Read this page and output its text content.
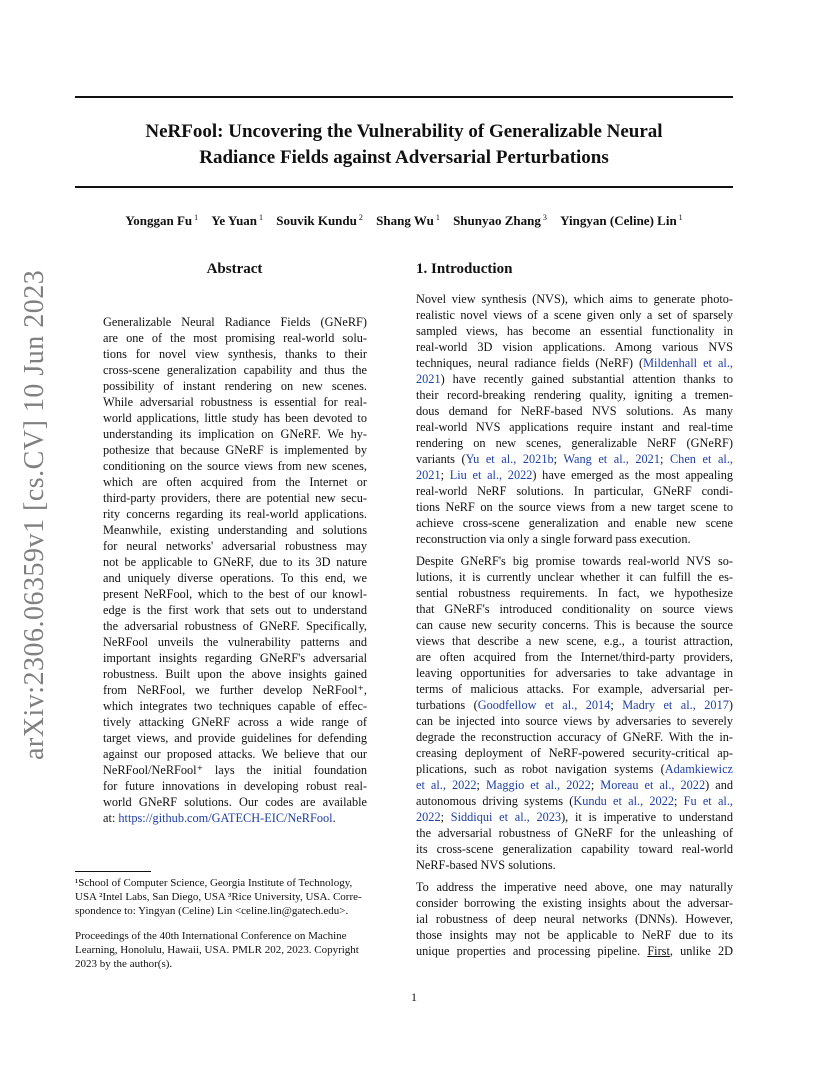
NeRFool: Uncovering the Vulnerability of Generalizable Neural
Radiance Fields against Adversarial Perturbations
Yonggan Fu $^1$ Ye Yuan $^1$ Souvik Kundu $^2$ Shang Wu $^1$ Shunyao Zhang $^3$ Yingyan (Celine) Lin $^1$
arXiv:2306.06359v1 [cs.CV] 10 Jun 2023
Abstract
Generalizable Neural Radiance Fields (GNeRF)
are one of the most promising real-world solu-
tions for novel view synthesis, thanks to their
cross-scene generalization capability and thus the
possibility of instant rendering on new scenes.
While adversarial robustness is essential for real-
world applications, little study has been devoted to
understanding its implication on GNeRF. We hy-
pothesize that because GNeRF is implemented by
conditioning on the source views from new scenes,
which are often acquired from the Internet or
third-party providers, there are potential new secu-
rity concerns regarding its real-world applications.
Meanwhile, existing understanding and solutions
for neural networks' adversarial robustness may
not be applicable to GNeRF, due to its 3D nature
and uniquely diverse operations. To this end, we
present NeRFool, which to the best of our knowl-
edge is the first work that sets out to understand
the adversarial robustness of GNeRF. Specifically,
NeRFool unveils the vulnerability patterns and
important insights regarding GNeRF's adversarial
robustness. Built upon the above insights gained
from NeRFool, we further develop NeRFool⁺,
which integrates two techniques capable of effec-
tively attacking GNeRF across a wide range of
target views, and provide guidelines for defending
against our proposed attacks. We believe that our
NeRFool/NeRFool⁺ lays the initial foundation
for future innovations in developing robust real-
world GNeRF solutions. Our codes are available
at: https://github.com/GATECH-EIC/NeRFool.
¹School of Computer Science, Georgia Institute of Technology,
USA ²Intel Labs, San Diego, USA ³Rice University, USA. Corre-
spondence to: Yingyan (Celine) Lin <celine.lin@gatech.edu>.
Proceedings of the 40th International Conference on Machine
Learning, Honolulu, Hawaii, USA. PMLR 202, 2023. Copyright
2023 by the author(s).
1. Introduction

Novel view synthesis (NVS), which aims to generate photo-
realistic novel views of a scene given only a set of sparsely
sampled views, has become an essential functionality in
real-world 3D vision applications. Among various NVS
techniques, neural radiance fields (NeRF) (Mildenhall et al.,
2021) have recently gained substantial attention thanks to
their record-breaking rendering quality, igniting a tremen-
dous demand for NeRF-based NVS solutions. As many
real-world NVS applications require instant and real-time
rendering on new scenes, generalizable NeRF (GNeRF)
variants (Yu et al., 2021b; Wang et al., 2021; Chen et al.,
2021; Liu et al., 2022) have emerged as the most appealing
real-world NeRF solutions. In particular, GNeRF condi-
tions NeRF on the source views from a new target scene to
achieve cross-scene generalization and enable new scene
reconstruction via only a single forward pass execution.

Despite GNeRF's big promise towards real-world NVS so-
lutions, it is currently unclear whether it can fulfill the es-
sential robustness requirements. In fact, we hypothesize
that GNeRF's introduced conditionality on source views
can cause new security concerns. This is because the source
views that describe a new scene, e.g., a tourist attraction,
are often acquired from the Internet/third-party providers,
leaving opportunities for adversaries to take advantage in
terms of malicious attacks. For example, adversarial per-
turbations (Goodfellow et al., 2014; Madry et al., 2017)
can be injected into source views by adversaries to severely
degrade the reconstruction accuracy of GNeRF. With the in-
creasing deployment of NeRF-powered security-critical ap-
plications, such as robot navigation systems (Adamkiewicz
et al., 2022; Maggio et al., 2022; Moreau et al., 2022) and
autonomous driving systems (Kundu et al., 2022; Fu et al.,
2022; Siddiqui et al., 2023), it is imperative to understand
the adversarial robustness of GNeRF for the unleashing of
its cross-scene generalization capability toward real-world
NeRF-based NVS solutions.

To address the imperative need above, one may naturally
consider borrowing the existing insights about the adversar-
ial robustness of deep neural networks (DNNs). However,
those insights may not be applicable to NeRF due to its
unique properties and processing pipeline. First, unlike 2D

1
